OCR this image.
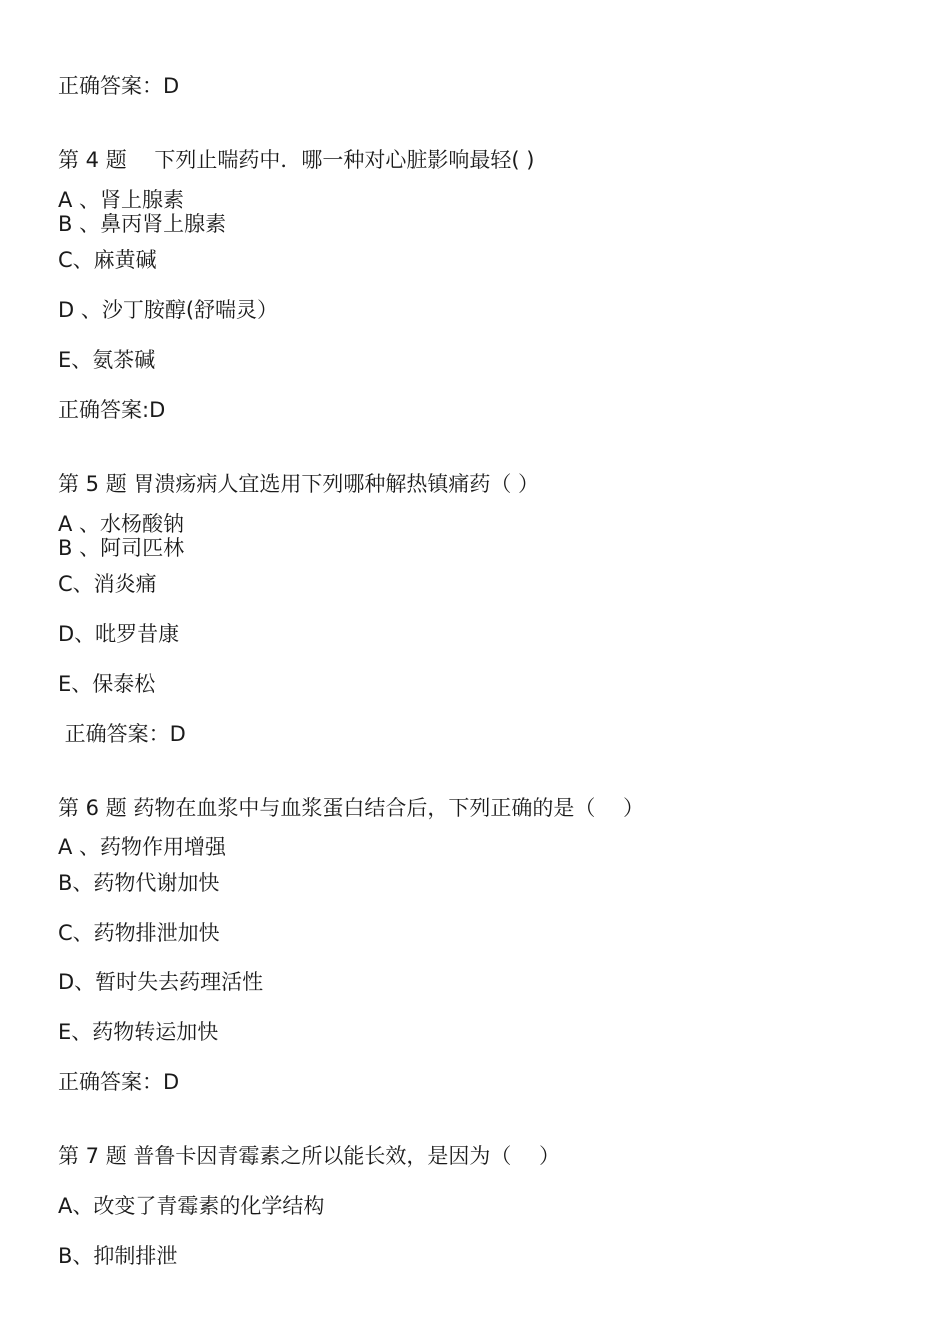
正确答案：D
第 4 题　 下列止喘药中．哪一种对心脏影响最轻( )
A 、肾上腺素
B 、鼻丙肾上腺素
C、麻黄碱
D 、沙丁胺醇(舒喘灵）
E、氨茶碱
正确答案:D
第 5 题 胃溃疡病人宜选用下列哪种解热镇痛药（ ）
A 、水杨酸钠
B 、阿司匹林
C、消炎痛
D、吡罗昔康
E、保泰松
正确答案：D
第 6 题 药物在血浆中与血浆蛋白结合后，下列正确的是（　 ）
A 、药物作用增强
B、药物代谢加快
C、药物排泄加快
D、暂时失去药理活性
E、药物转运加快
正确答案：D
第 7 题 普鲁卡因青霉素之所以能长效，是因为（　 ）
A、改变了青霉素的化学结构
B、抑制排泄
